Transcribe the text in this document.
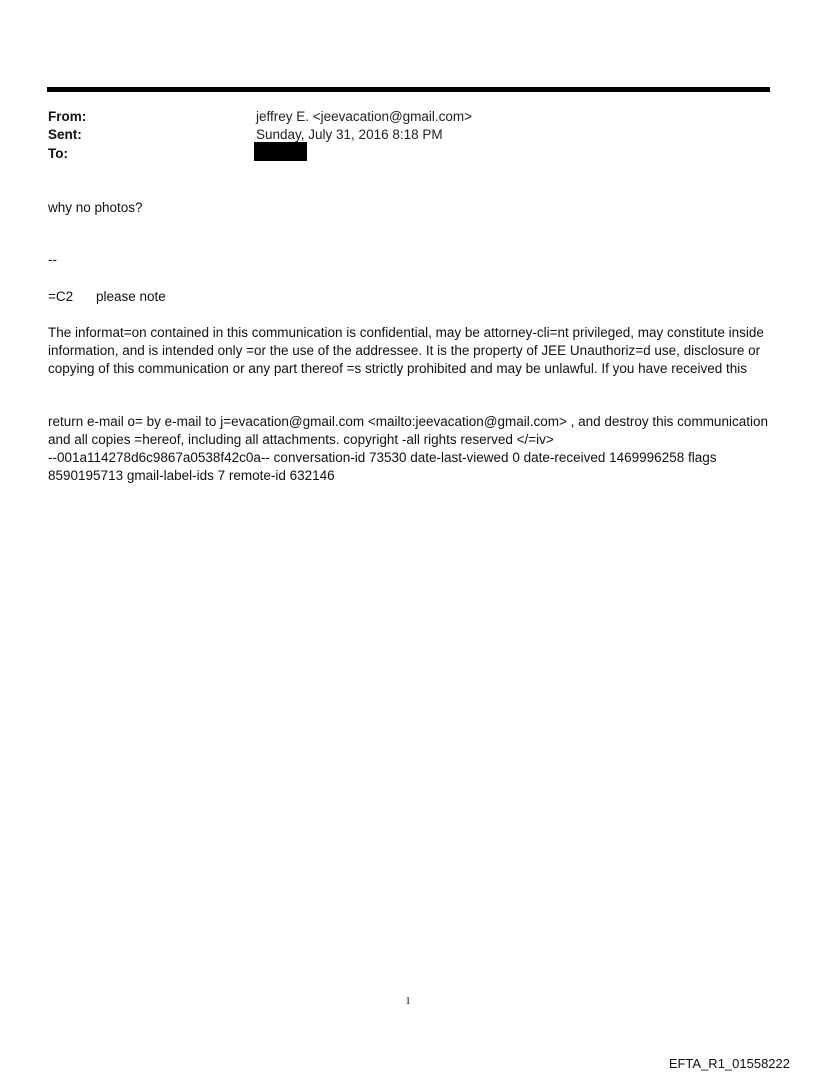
From:	jeffrey E. <jeevacation@gmail.com>
Sent:	Sunday, July 31, 2016 8:18 PM
To:
why no photos?
--
=C2 please note
The informat=on contained in this communication is confidential, may be attorney-cli=nt privileged, may constitute inside information, and is intended only =or the use of the addressee. It is the property of JEE Unauthoriz=d use, disclosure or copying of this communication or any part thereof =s strictly prohibited and may be unlawful. If you have received this
return e-mail o= by e-mail to j=evacation@gmail.com <mailto:jeevacation@gmail.com> , and destroy this communication and all copies =hereof, including all attachments. copyright -all rights reserved </=iv>
--001a114278d6c9867a0538f42c0a-- conversation-id 73530 date-last-viewed 0 date-received 1469996258 flags 8590195713 gmail-label-ids 7 remote-id 632146
1
EFTA_R1_01558222
